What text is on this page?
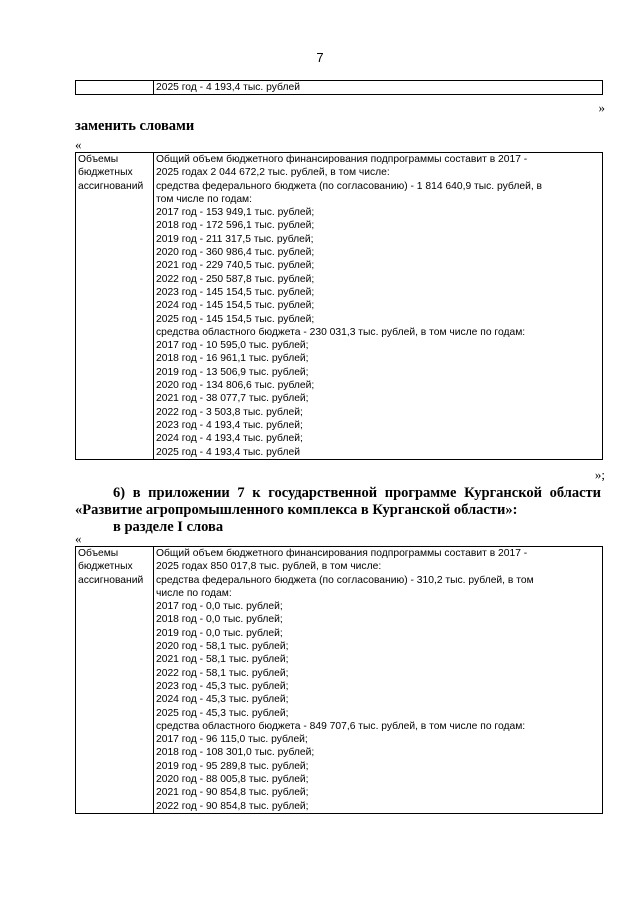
7

2025 год - 4 193,4 тыс. рублей
»
заменить словами
«
Объемы
бюджетных
ассигнований

Общий объем бюджетного финансирования подпрограммы составит в 2017 -
2025 годах 2 044 672,2 тыс. рублей, в том числе:
средства федерального бюджета (по согласованию) - 1 814 640,9 тыс. рублей, в
том числе по годам:
2017 год - 153 949,1 тыс. рублей;
2018 год - 172 596,1 тыс. рублей;
2019 год - 211 317,5 тыс. рублей;
2020 год - 360 986,4 тыс. рублей;
2021 год - 229 740,5 тыс. рублей;
2022 год - 250 587,8 тыс. рублей;
2023 год - 145 154,5 тыс. рублей;
2024 год - 145 154,5 тыс. рублей;
2025 год - 145 154,5 тыс. рублей;
средства областного бюджета - 230 031,3 тыс. рублей, в том числе по годам:
2017 год - 10 595,0 тыс. рублей;
2018 год - 16 961,1 тыс. рублей;
2019 год - 13 506,9 тыс. рублей;
2020 год - 134 806,6 тыс. рублей;
2021 год - 38 077,7 тыс. рублей;
2022 год - 3 503,8 тыс. рублей;
2023 год - 4 193,4 тыс. рублей;
2024 год - 4 193,4 тыс. рублей;
2025 год - 4 193,4 тыс. рублей
»;
6) в приложении 7 к государственной программе Курганской области
«Развитие агропромышленного комплекса в Курганской области»:
в разделе I слова
«
Объемы
бюджетных
ассигнований

Общий объем бюджетного финансирования подпрограммы составит в 2017 -
2025 годах 850 017,8 тыс. рублей, в том числе:
средства федерального бюджета (по согласованию) - 310,2 тыс. рублей, в том
числе по годам:
2017 год - 0,0 тыс. рублей;
2018 год - 0,0 тыс. рублей;
2019 год - 0,0 тыс. рублей;
2020 год - 58,1 тыс. рублей;
2021 год - 58,1 тыс. рублей;
2022 год - 58,1 тыс. рублей;
2023 год - 45,3 тыс. рублей;
2024 год - 45,3 тыс. рублей;
2025 год - 45,3 тыс. рублей;
средства областного бюджета - 849 707,6 тыс. рублей, в том числе по годам:
2017 год - 96 115,0 тыс. рублей;
2018 год - 108 301,0 тыс. рублей;
2019 год - 95 289,8 тыс. рублей;
2020 год - 88 005,8 тыс. рублей;
2021 год - 90 854,8 тыс. рублей;
2022 год - 90 854,8 тыс. рублей;
